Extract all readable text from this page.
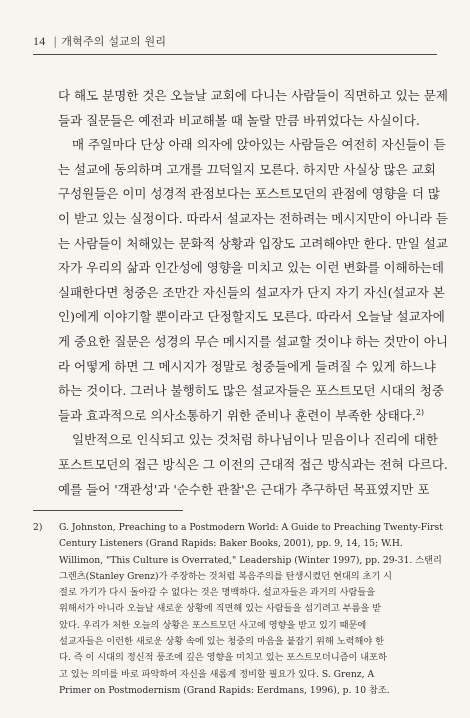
14 | 개혁주의 설교의 원리
다 해도 분명한 것은 오늘날 교회에 다니는 사람들이 직면하고 있는 문제
들과 질문들은 예전과 비교해볼 때 놀랄 만큼 바뀌었다는 사실이다.
매 주일마다 단상 아래 의자에 앉아있는 사람들은 여전히 자신들이 듣
는 설교에 동의하며 고개를 끄덕일지 모른다. 하지만 사실상 많은 교회
구성원들은 이미 성경적 관점보다는 포스트모던의 관점에 영향을 더 많
이 받고 있는 실정이다. 따라서 설교자는 전하려는 메시지만이 아니라 듣
는 사람들이 처해있는 문화적 상황과 입장도 고려해야만 한다. 만일 설교
자가 우리의 삶과 인간성에 영향을 미치고 있는 이런 변화를 이해하는데
실패한다면 청중은 조만간 자신들의 설교자가 단지 자기 자신(설교자 본
인)에게 이야기할 뿐이라고 단정할지도 모른다. 따라서 오늘날 설교자에
게 중요한 질문은 성경의 무슨 메시지를 설교할 것이냐 하는 것만이 아니
라 어떻게 하면 그 메시지가 정말로 청중들에게 들려질 수 있게 하느냐
하는 것이다. 그러나 불행히도 많은 설교자들은 포스트모던 시대의 청중
들과 효과적으로 의사소통하기 위한 준비나 훈련이 부족한 상태다.$^{2)}$
일반적으로 인식되고 있는 것처럼 하나님이나 믿음이나 진리에 대한
포스트모던의 접근 방식은 그 이전의 근대적 접근 방식과는 전혀 다르다.
예를 들어 '객관성'과 '순수한 관찰'은 근대가 추구하던 목표였지만 포
2) G. Johnston, Preaching to a Postmodern World: A Guide to Preaching Twenty-First
Century Listeners (Grand Rapids: Baker Books, 2001), pp. 9, 14, 15; W.H.
Willimon, "This Culture is Overrated," Leadership (Winter 1997), pp. 29-31. 스탠리
그렌츠(Stanley Grenz)가 주장하는 것처럼 복음주의를 탄생시켰던 현대의 초기 시
절로 가기가 다시 돌아갈 수 없다는 것은 명백하다. 설교자들은 과거의 사람들을
위해서가 아니라 오늘날 새로운 상황에 직면해 있는 사람들을 섬기려고 부름을 받
았다. 우리가 처한 오늘의 상황은 포스트모던 사고에 영향을 받고 있기 때문에
설교자들은 이런한 새로운 상황 속에 있는 청중의 마음을 붙잡기 위해 노력해야 한
다. 즉 이 시대의 정신적 풍조에 깊은 영향을 미치고 있는 포스트모더니즘이 내포하
고 있는 의미를 바로 파악하여 자신을 새롭게 정비할 필요가 있다. S. Grenz, A
Primer on Postmodernism (Grand Rapids: Eerdmans, 1996), p. 10 참조.
